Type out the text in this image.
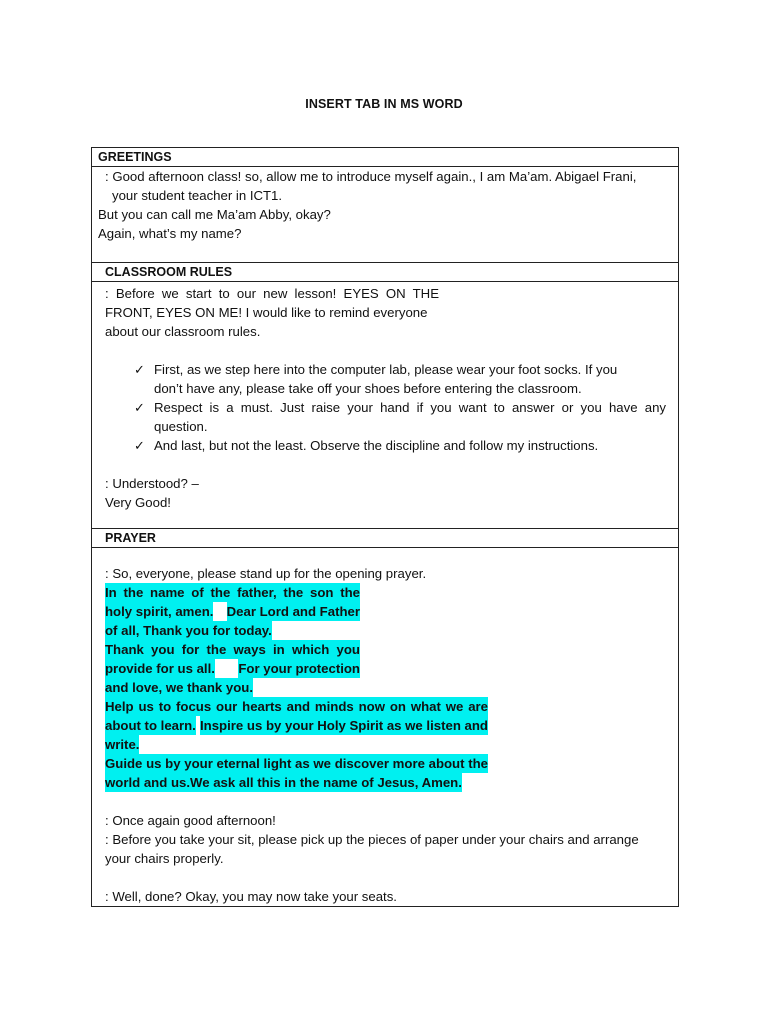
INSERT TAB IN MS WORD
GREETINGS

: Good afternoon class! so, allow me to introduce myself again., I am Ma’am. Abigael Frani,
your student teacher in ICT1.
But you can call me Ma’am Abby, okay?
Again, what’s my name?

CLASSROOM RULES

: Before we start to our new lesson! EYES ON THE
FRONT, EYES ON ME! I would like to remind everyone
about our classroom rules.
✓ First, as we step here into the computer lab, please wear your foot socks. If you
don’t have any, please take off your shoes before entering the classroom.
✓ Respect is a must. Just raise your hand if you want to answer or you have any
question.
✓ And last, but not the least. Observe the discipline and follow my instructions.
: Understood? –
Very Good!

PRAYER

: So, everyone, please stand up for the opening prayer.
In the name of the father, the son the
holy spirit, amen. Dear Lord and Father
of all, Thank you for today.
Thank you for the ways in which you
provide for us all. For your protection
and love, we thank you.
Help us to focus our hearts and minds now on what we are
about to learn. Inspire us by your Holy Spirit as we listen and
write.
Guide us by your eternal light as we discover more about the
world and us. We ask all this in the name of Jesus, Amen.
: Once again good afternoon!
: Before you take your sit, please pick up the pieces of paper under your chairs and arrange
your chairs properly.
: Well, done? Okay, you may now take your seats.
